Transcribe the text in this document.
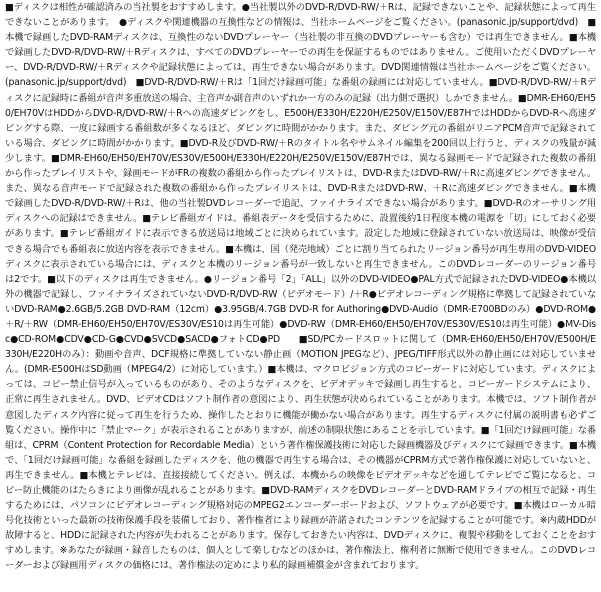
■ディスクは相性が確認済みの当社製をおすすめします。●当社製以外のDVD-R/DVD-RW/＋Rは、記録できないことや、記録状態によって再生できないことがあります。　●ディスクや関連機器の互換性などの情報は、当社ホームページをご覧ください。(panasonic.jp/support/dvd)　■本機で録画したDVD-RAMディスクは、互換性のないDVDプレーヤー（当社製の非互換のDVDプレーヤーも含む）では再生できません。■本機で録画したDVD-R/DVD-RW/＋Rディスクは、すべてのDVDプレーヤーでの再生を保証するものではありません。ご使用いただくDVDプレーヤー、DVD-R/DVD-RW/＋Rディスクや記録状態によっては、再生できない場合があります。DVD関連情報は当社ホームページをご覧ください。(panasonic.jp/support/dvd)　■DVD-R/DVD-RW/＋Rは「1回だけ録画可能」な番組の録画には対応していません。■DVD-R/DVD-RW/＋Rディスクに記録時に番組が音声多重放送の場合、主音声か副音声のいずれか一方のみの記録（出力側で選択）しかできません。■DMR-EH60/EH50/EH70VはHDDからDVD-R/DVD-RW/＋Rへの高速ダビングをし、E500H/E330H/E220H/E250V/E150V/E87HではHDDからDVD-Rへ高速ダビングする際、一度に録画する番組数が多くなるほど、ダビングに時間がかかります。また、ダビング元の番組がリニアPCM音声で記録されている場合、ダビングに時間がかかります。■DVD-R及びDVD-RW/＋Rのタイトル名やサムネイル編集を200回以上行うと、ディスクの残量が減少します。■DMR-EH60/EH50/EH70V/ES30V/E500H/E330H/E220H/E250V/E150V/E87Hでは、異なる録画モードで記録された複数の番組から作ったプレイリストや、録画モードがFRの複数の番組から作ったプレイリストは、DVD-RまたはDVD-RW/＋Rに高速ダビングできません。また、異なる音声モードで記録された複数の番組から作ったプレイリストは、DVD-RまたはDVD-RW、＋Rに高速ダビングできません。■本機で録画したDVD-R/DVD-RW/＋Rは、他の当社製DVDレコーダーで追記、ファイナライズできない場合があります。■DVD-Rのオーサリング用ディスクへの記録はできません。■テレビ番組ガイドは、番組表データを受信するために、設置後約1日程度本機の電源を「切」にしておく必要があります。■テレビ番組ガイドに表示できる放送局は地域ごとに決められています。設定した地域に登録されていない放送局は、映像が受信できる場合でも番組表に放送内容を表示できません。■本機は、国（発売地域）ごとに割り当てられたリージョン番号が再生専用のDVD-VIDEOディスクに表示されている場合には、ディスクと本機のリージョン番号が一致しないと再生できません。このDVDレコーダーのリージョン番号は2です。■以下のディスクは再生できません。●リージョン番号「2」「ALL」以外のDVD-VIDEO●PAL方式で記録されたDVD-VIDEO●本機以外の機器で記録し、ファイナライズされていないDVD-R/DVD-RW（ビデオモード）/＋R●ビデオレコーディング規格に準拠して記録されていないDVD-RAM●2.6GB/5.2GB DVD-RAM（12cm）●3.95GB/4.7GB DVD-R for Authoring●DVD-Audio（DMR-E700BDのみ）●DVD-ROM●＋R/＋RW（DMR-EH60/EH50/EH70V/ES30V/ES10は再生可能）●DVD-RW（DMR-EH60/EH50/EH70V/ES30V/ES10は再生可能）●MV-Disc●CD-ROM●CDV●CD-G●CVD●SVCD●SACD●フォトCD●PD　　■SD/PCカードスロットに関して（DMR-EH60/EH50/EH70V/E500H/E330H/E220Hのみ）：動画や音声、DCF規格に準拠していない静止画（MOTION JPEGなど）、JPEG/TIFF形式以外の静止画には対応していません。(DMR-E500HはSD動画（MPEG4/2）に対応しています。）■本機は、マクロビジョン方式のコピーガードに対応しています。ディスクによっては、コピー禁止信号が入っているものがあり、そのようなディスクを、ビデオデッキで録画し再生すると、コピーガードシステムにより、正常に再生されません。DVD、ビデオCDはソフト制作者の意図により、再生状態が決められていることがあります。本機では、ソフト制作者が意図したディスク内容に従って再生を行うため、操作したとおりに機能が働かない場合があります。再生するディスクに付属の説明書も必ずご覧ください。操作中に「禁止マーク」が表示されることがありますが、前述の制限状態にあることを示しています。■「1回だけ録画可能」な番組は、CPRM（Content Protection for Recordable Media）という著作権保護技術に対応した録画機器及びディスクにて録画できます。■本機で、「1回だけ録画可能」な番組を録画したディスクを、他の機器で再生する場合は、その機器がCPRM方式で著作権保護に対応していないと、再生できません。■本機とテレビは、直接接続してください。例えば、本機からの映像をビデオデッキなどを通してテレビでご覧になると、コピー防止機能のはたらきにより画像が乱れることがあります。■DVD-RAMディスクをDVDレコーダーとDVD-RAMドライブの相互で記録・再生するためには、パソコンにビデオレコーディング規格対応のMPEG2エンコーダーボードおよび、ソフトウェアが必要です。■本機はローカル暗号化技術といった最新の技術保護手段を装備しており、著作権者により録画が許諾されたコンテンツを記録することが可能です。※内蔵HDDが故障すると、HDDに記録された内容が失われることがあります。保存しておきたい内容は、DVDディスクに、複製や移動をしておくことをおすすめします。※あなたが録画・録音したものは、個人として楽しむなどのほかは、著作権法上、権利者に無断で使用できません。このDVDレコーダーおよび録画用ディスクの価格には、著作権法の定めにより私的録画補償金が含まれております。
